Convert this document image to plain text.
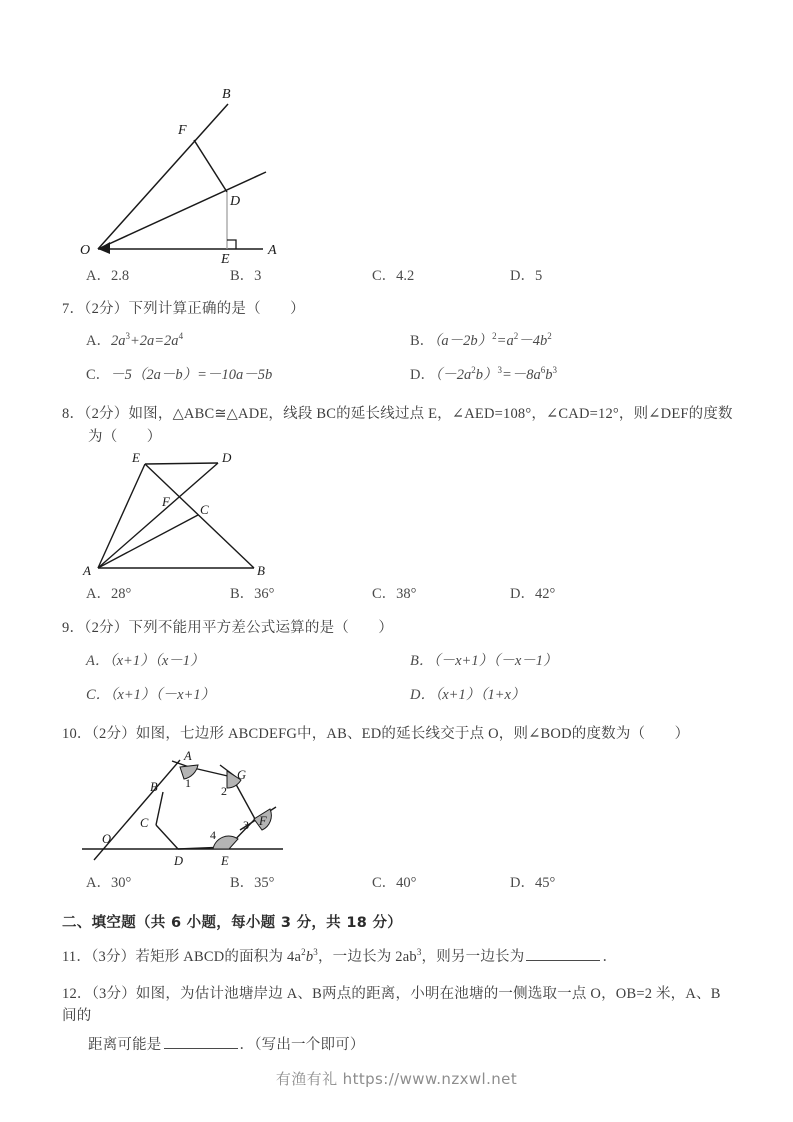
B
F
D
O
E
A
A．2.8	B．3	C．4.2	D．5
7．（2分）下列计算正确的是（　　）
A．$2a^3+2a=2a^4$	B．$(a-2b)^2=a^2-4b^2$
C．－5（2a－b）=－10a－5b	D．$(-2a^2b)^3=-8a^6b^3$
8．（2分）如图，△ABC≅△ADE，线段 BC的延长线过点 E，∠AED=108°，∠CAD=12°，则∠DEF的度数
为（　　）
E	D
F
C
A	B
A．28°	B．36°	C．38°	D．42°
9．（2分）下列不能用平方差公式运算的是（　　）
A．（x+1）（x－1）	B．（－x+1）（－x－1）
C．（x+1）（－x+1）	D．（x+1）（1+x）
10．（2分）如图，七边形 ABCDEFG中，AB、ED的延长线交于点 O，则∠BOD的度数为（　　）
A
G
B
C	F
O
D	E
1
2
3
4
A．30°	B．35°	C．40°	D．45°
二、填空题（共 6 小题，每小题 3 分，共 18 分）
11．（3分）若矩形 ABCD的面积为 $4a^2b^3$，一边长为 $2ab^3$，则另一边长为	．
12．（3分）如图，为估计池塘岸边 A、B两点的距离，小明在池塘的一侧选取一点 O，OB=2 米，A、B间的
距离可能是	．（写出一个即可）
有渔有礼 https://www.nzxwl.net
